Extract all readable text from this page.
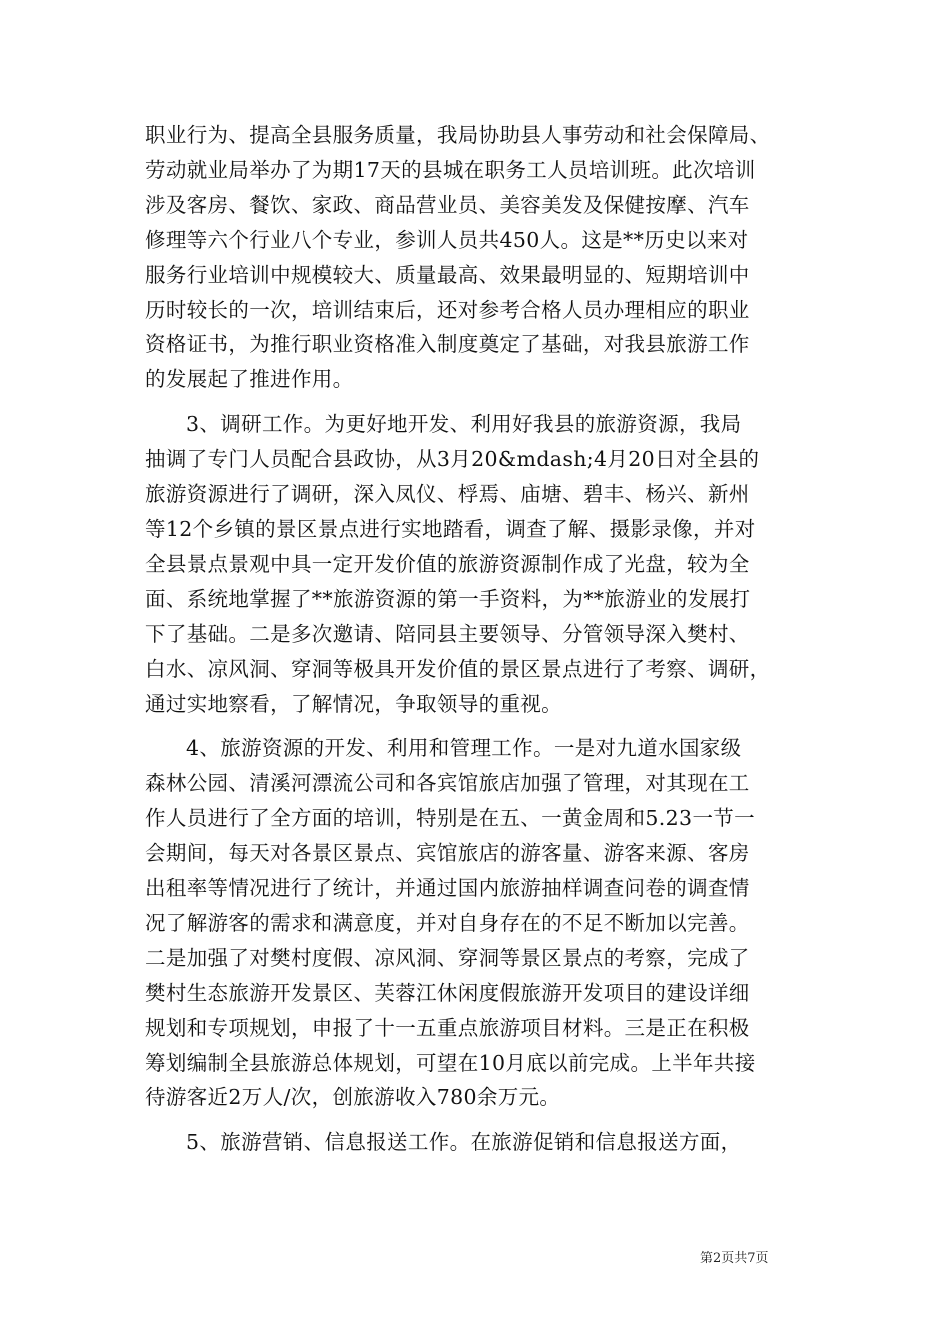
职业行为、提高全县服务质量，我局协助县人事劳动和社会保障局、
劳动就业局举办了为期17天的县城在职务工人员培训班。此次培训
涉及客房、餐饮、家政、商品营业员、美容美发及保健按摩、汽车
修理等六个行业八个专业，参训人员共450人。这是**历史以来对
服务行业培训中规模较大、质量最高、效果最明显的、短期培训中
历时较长的一次，培训结束后，还对参考合格人员办理相应的职业
资格证书，为推行职业资格准入制度奠定了基础，对我县旅游工作
的发展起了推进作用。
3、调研工作。为更好地开发、利用好我县的旅游资源，我局
抽调了专门人员配合县政协，从3月20&mdash;4月20日对全县的
旅游资源进行了调研，深入凤仪、桴焉、庙塘、碧丰、杨兴、新州
等12个乡镇的景区景点进行实地踏看，调查了解、摄影录像，并对
全县景点景观中具一定开发价值的旅游资源制作成了光盘，较为全
面、系统地掌握了**旅游资源的第一手资料，为**旅游业的发展打
下了基础。二是多次邀请、陪同县主要领导、分管领导深入樊村、
白水、凉风洞、穿洞等极具开发价值的景区景点进行了考察、调研，
通过实地察看，了解情况，争取领导的重视。
4、旅游资源的开发、利用和管理工作。一是对九道水国家级
森林公园、清溪河漂流公司和各宾馆旅店加强了管理，对其现在工
作人员进行了全方面的培训，特别是在五、一黄金周和5.23一节一
会期间，每天对各景区景点、宾馆旅店的游客量、游客来源、客房
出租率等情况进行了统计，并通过国内旅游抽样调查问卷的调查情
况了解游客的需求和满意度，并对自身存在的不足不断加以完善。
二是加强了对樊村度假、凉风洞、穿洞等景区景点的考察，完成了
樊村生态旅游开发景区、芙蓉江休闲度假旅游开发项目的建设详细
规划和专项规划，申报了十一五重点旅游项目材料。三是正在积极
筹划编制全县旅游总体规划，可望在10月底以前完成。上半年共接
待游客近2万人/次，创旅游收入780余万元。
5、旅游营销、信息报送工作。在旅游促销和信息报送方面，
第2页共7页
